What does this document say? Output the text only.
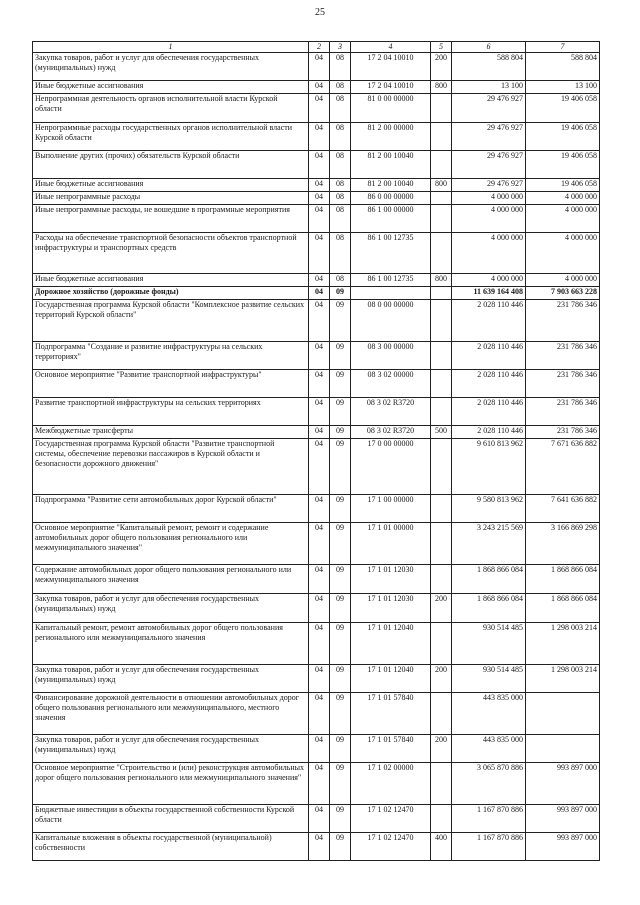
25
1	2	3	4	5	6	7
Закупка товаров, работ и услуг для обеспечения государственных (муниципальных) нужд	04	08	17 2 04 10010	200	588 804	588 804
Иные бюджетные ассигнования	04	08	17 2 04 10010	800	13 100	13 100
Непрограммная деятельность органов исполнительной власти Курской области	04	08	81 0 00 00000		29 476 927	19 406 058
Непрограммные расходы государственных органов исполнительной власти Курской области	04	08	81 2 00 00000		29 476 927	19 406 058
Выполнение других (прочих) обязательств Курской области	04	08	81 2 00 10040		29 476 927	19 406 058
Иные бюджетные ассигнования	04	08	81 2 00 10040	800	29 476 927	19 406 058
Иные непрограммные расходы	04	08	86 0 00 00000		4 000 000	4 000 000
Иные непрограммные расходы, не вошедшие в программные мероприятия	04	08	86 1 00 00000		4 000 000	4 000 000
Расходы на обеспечение транспортной безопасности объектов транспортной инфраструктуры и транспортных средств	04	08	86 1 00 12735		4 000 000	4 000 000
Иные бюджетные ассигнования	04	08	86 1 00 12735	800	4 000 000	4 000 000
Дорожное хозяйство (дорожные фонды)	04	09			11 639 164 408	7 903 663 228
Государственная программа Курской области "Комплексное развитие сельских территорий Курской области"	04	09	08 0 00 00000		2 028 110 446	231 786 346
Подпрограмма "Создание и развитие инфраструктуры на сельских территориях"	04	09	08 3 00 00000		2 028 110 446	231 786 346
Основное мероприятие "Развитие транспортной инфраструктуры"	04	09	08 3 02 00000		2 028 110 446	231 786 346
Развитие транспортной инфраструктуры на сельских территориях	04	09	08 3 02 R3720		2 028 110 446	231 786 346
Межбюджетные трансферты	04	09	08 3 02 R3720	500	2 028 110 446	231 786 346
Государственная программа Курской области "Развитие транспортной системы, обеспечение перевозки пассажиров в Курской области и безопасности дорожного движения"	04	09	17 0 00 00000		9 610 813 962	7 671 636 882
Подпрограмма "Развитие сети автомобильных дорог Курской области"	04	09	17 1 00 00000		9 580 813 962	7 641 636 882
Основное мероприятие "Капитальный ремонт, ремонт и содержание автомобильных дорог общего пользования регионального или межмуниципального значения"	04	09	17 1 01 00000		3 243 215 569	3 166 869 298
Содержание автомобильных дорог общего пользования регионального или межмуниципального значения	04	09	17 1 01 12030		1 868 866 084	1 868 866 084
Закупка товаров, работ и услуг для обеспечения государственных (муниципальных) нужд	04	09	17 1 01 12030	200	1 868 866 084	1 868 866 084
Капитальный ремонт, ремонт автомобильных дорог общего пользования регионального или межмуниципального значения	04	09	17 1 01 12040		930 514 485	1 298 003 214
Закупка товаров, работ и услуг для обеспечения государственных (муниципальных) нужд	04	09	17 1 01 12040	200	930 514 485	1 298 003 214
Финансирование дорожной деятельности в отношении автомобильных дорог общего пользования регионального или межмуниципального, местного значения	04	09	17 1 01 57840		443 835 000	
Закупка товаров, работ и услуг для обеспечения государственных (муниципальных) нужд	04	09	17 1 01 57840	200	443 835 000	
Основное мероприятие "Строительство и (или) реконструкция автомобильных дорог общего пользования регионального или межмуниципального значения"	04	09	17 1 02 00000		3 065 870 886	993 897 000
Бюджетные инвестиции в объекты государственной собственности Курской области	04	09	17 1 02 12470		1 167 870 886	993 897 000
Капитальные вложения в объекты государственной (муниципальной) собственности	04	09	17 1 02 12470	400	1 167 870 886	993 897 000
